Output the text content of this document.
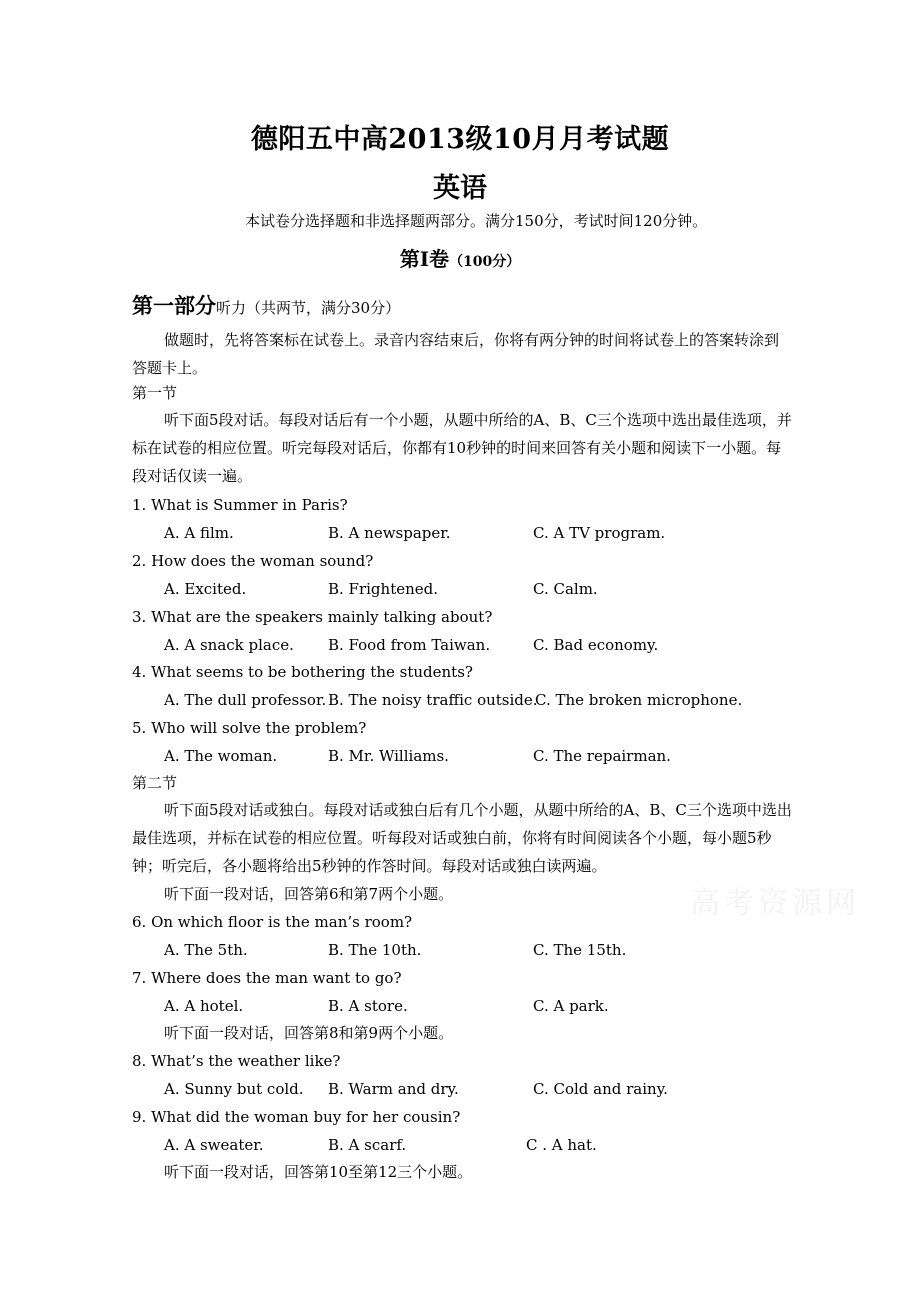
德阳五中高2013级10月月考试题
英语
本试卷分选择题和非选择题两部分。满分150分，考试时间120分钟。
第I卷（100分）
第一部分听力（共两节，满分30分）
做题时，先将答案标在试卷上。录音内容结束后，你将有两分钟的时间将试卷上的答案转涂到答题卡上。
第一节
听下面5段对话。每段对话后有一个小题，从题中所给的A、B、C三个选项中选出最佳选项，并标在试卷的相应位置。听完每段对话后，你都有10秒钟的时间来回答有关小题和阅读下一小题。每段对话仅读一遍。
1. What is Summer in Paris?
A. A film.	B. A newspaper.	C. A TV program.
2. How does the woman sound?
A. Excited.	B. Frightened.	C. Calm.
3. What are the speakers mainly talking about?
A. A snack place. B. Food from Taiwan.	C. Bad economy.
4. What seems to be bothering the students?
A. The dull professor. B. The noisy traffic outside.
C. The broken microphone.
5. Who will solve the problem?
A. The woman.	B. Mr. Williams.	C. The repairman.
第二节
听下面5段对话或独白。每段对话或独白后有几个小题，从题中所给的A、B、C三个选项中选出最佳选项，并标在试卷的相应位置。听每段对话或独白前，你将有时间阅读各个小题，每小题5秒钟；听完后，各小题将给出5秒钟的作答时间。每段对话或独白读两遍。
听下面一段对话，回答第6和第7两个小题。
6. On which floor is the man’s room?
A. The 5th.	B. The 10th.	C. The 15th.
7. Where does the man want to go?
A. A hotel.	B. A store.	C. A park.
听下面一段对话，回答第8和第9两个小题。
8. What’s the weather like?
A. Sunny but cold. B. Warm and dry.	C. Cold and rainy.
9. What did the woman buy for her cousin?
A. A sweater.	B. A scarf.	C . A hat.
听下面一段对话，回答第10至第12三个小题。
高考资源网
